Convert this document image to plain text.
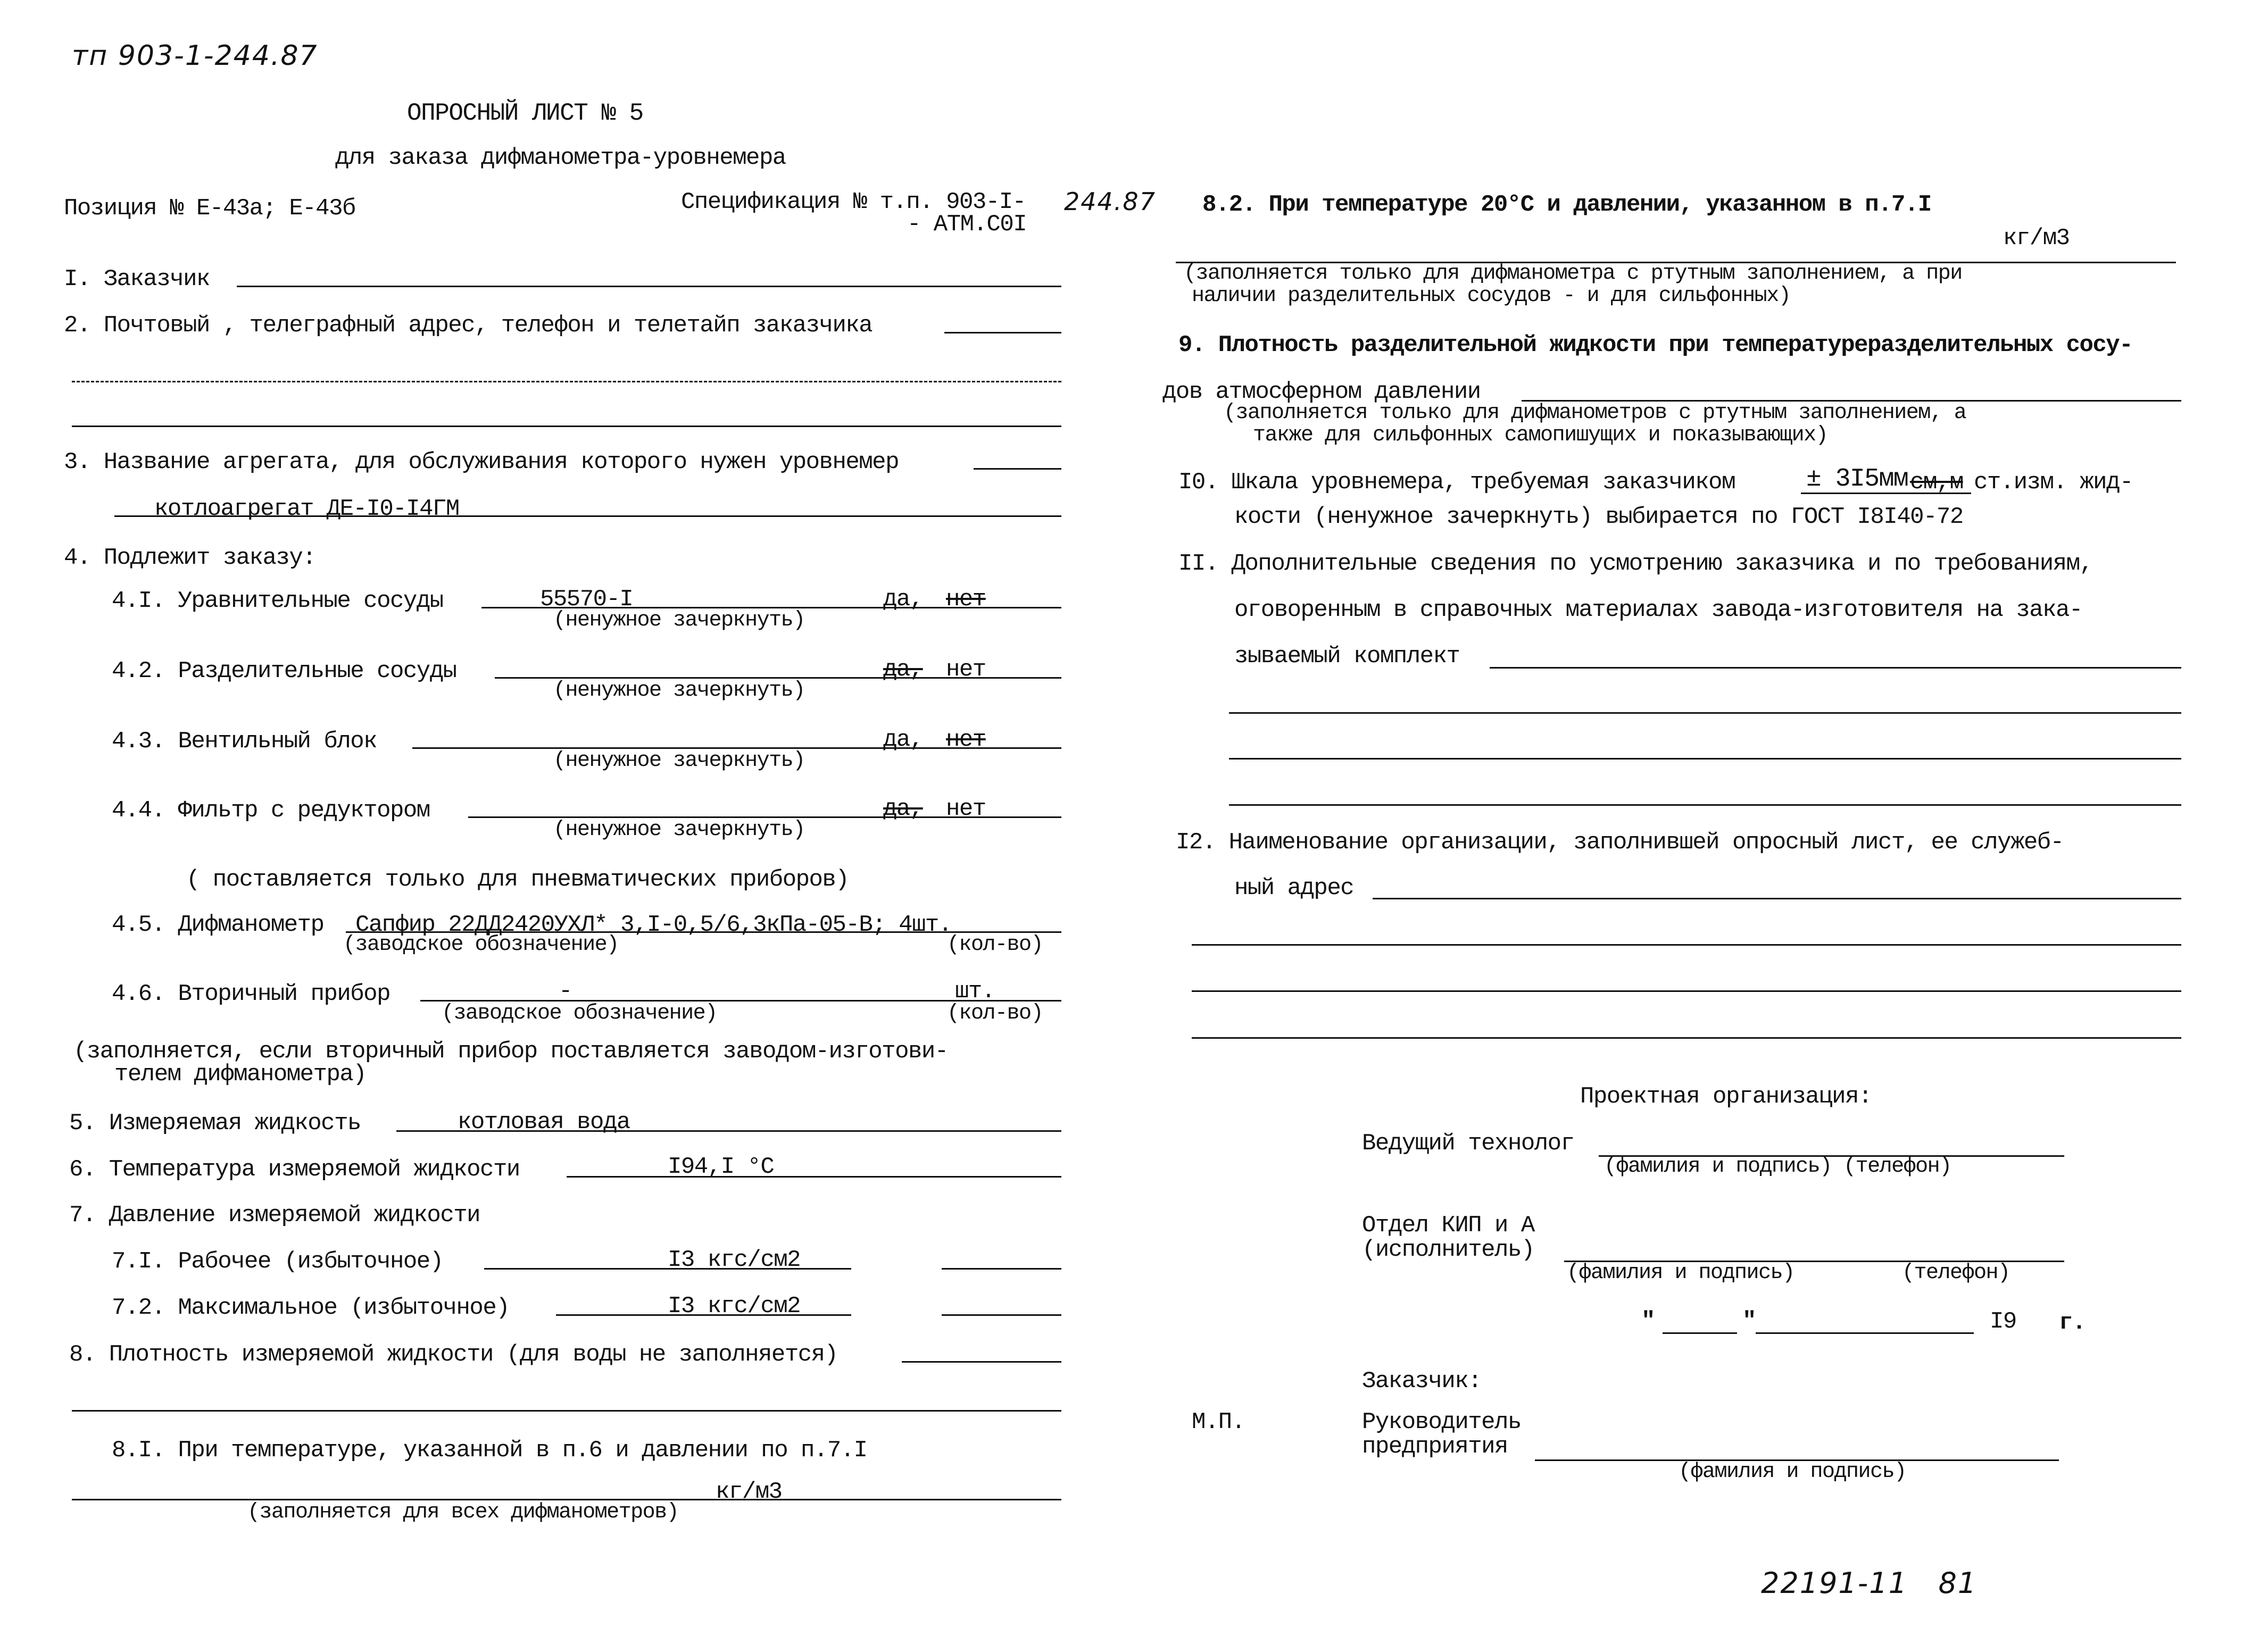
тп 903-1-244.87
ОПРОСНЫЙ ЛИСТ № 5
для заказа дифманометра-уровнемера
Позиция № Е-43а; Е-43б	Спецификация № т.п. 903-I- 244.87
- АТМ.С0I
I. Заказчик
2. Почтовый , телеграфный адрес, телефон и телетайп заказчика
3. Название агрегата, для обслуживания которого нужен уровнемер
котлоагрегат ДЕ-I0-I4ГМ
4. Подлежит заказу:
4.I. Уравнительные сосуды	55570-I	да, нет
(ненужное зачеркнуть)
4.2. Разделительные сосуды	да, нет
(ненужное зачеркнуть)
4.3. Вентильный блок	да, нет
(ненужное зачеркнуть)
4.4. Фильтр с редуктором	да, нет
(ненужное зачеркнуть)
( поставляется только для пневматических приборов)
4.5. Дифманометр Сапфир 22ДД2420УХЛ* 3,I-0,5/6,3кПа-05-В; 4шт.
(заводское обозначение)	(кол-во)
4.6. Вторичный прибор	-	шт.
(заводское обозначение)	(кол-во)
(заполняется, если вторичный прибор поставляется заводом-изготови-
телем дифманометра)
5. Измеряемая жидкость	котловая вода
6. Температура измеряемой жидкости	I94,I °С
7. Давление измеряемой жидкости
7.I. Рабочее (избыточное)	I3 кгс/см2
7.2. Максимальное (избыточное)	I3 кгс/см2
8. Плотность измеряемой жидкости (для воды не заполняется)
8.I. При температуре, указанной в п.6 и давлении по п.7.I
кг/м3
(заполняется для всех дифманометров)
8.2. При температуре 20°С и давлении, указанном в п.7.I
кг/м3
(заполняется только для дифманометра с ртутным заполнением, а при
наличии разделительных сосудов - и для сильфонных)
9. Плотность разделительной жидкости при температуреразделительных сосу-
дов атмосферном давлении
(заполняется только для дифманометров с ртутным заполнением, а
также для сильфонных самопишущих и показывающих)
I0. Шкала уровнемера, требуемая заказчиком	± 3I5мм см,м ст.изм. жид-
кости (ненужное зачеркнуть) выбирается по ГОСТ I8I40-72
II. Дополнительные сведения по усмотрению заказчика и по требованиям,
оговоренным в справочных материалах завода-изготовителя на зака-
зываемый комплект
I2. Наименование организации, заполнившей опросный лист, ее служеб-
ный адрес
Проектная организация:
Ведущий технолог
(фамилия и подпись) (телефон)
Отдел КИП и А
(исполнитель)
(фамилия и подпись)	(телефон)
"	"	I9 г.
Заказчик:
М.П.	Руководитель
предприятия
(фамилия и подпись)
22191-11   81
